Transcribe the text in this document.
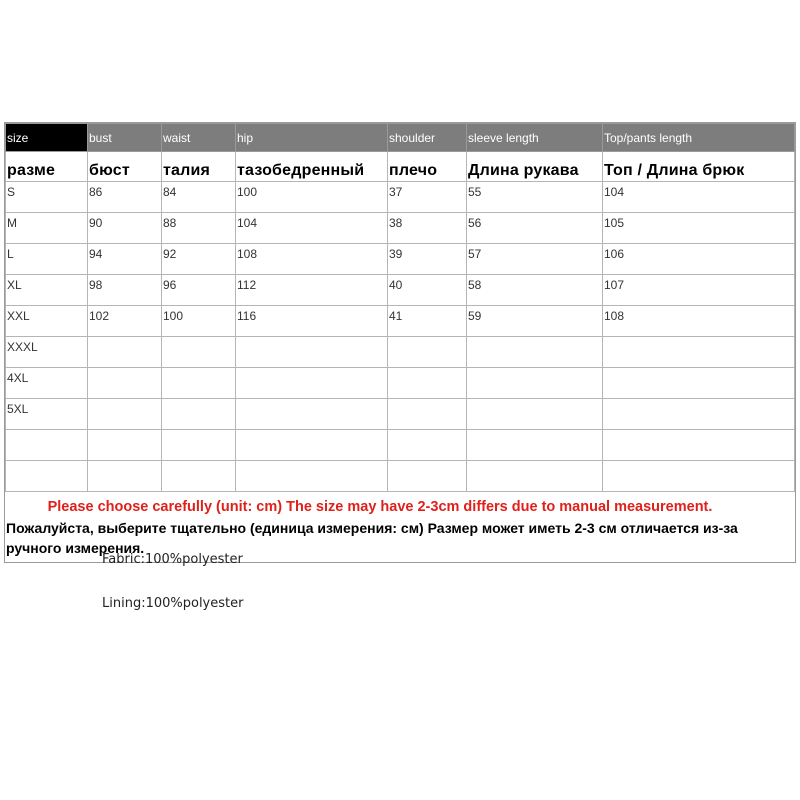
size	bust	waist	hip	shoulder	sleeve length	Top/pants length
разме	бюст	талия	тазобедренный	плечо	Длина рукава	Топ / Длина брюк
S	86	84	100	37	55	104
M	90	88	104	38	56	105
L	94	92	108	39	57	106
XL	98	96	112	40	58	107
XXL	102	100	116	41	59	108
XXXL						
4XL						
5XL						

Please choose carefully (unit: cm) The size may have 2-3cm differs due to manual measurement.

Пожалуйста, выберите тщательно (единица измерения: см) Размер может иметь 2-3 см отличается из-за ручного измерения.

Fabric:100%polyester
Lining:100%polyester
